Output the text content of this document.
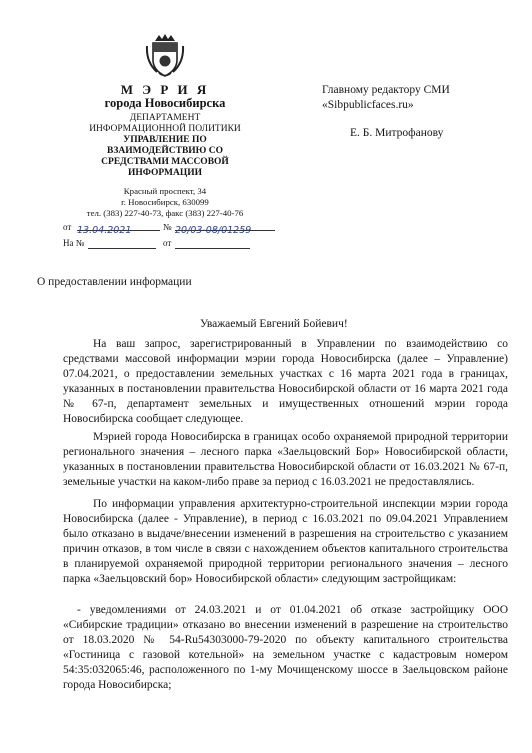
М Э Р И Я
города Новосибирска
ДЕПАРТАМЕНТ
ИНФОРМАЦИОННОЙ ПОЛИТИКИ
УПРАВЛЕНИЕ ПО
ВЗАИМОДЕЙСТВИЮ СО
СРЕДСТВАМИ МАССОВОЙ
ИНФОРМАЦИИ
Красный проспект, 34
г. Новосибирск, 630099
тел. (383) 227-40-73, факс (383) 227-40-76
от 13.04.2021	№ 20/03-08/01259
На №	от
Главному редактору СМИ
«Sibpublicfaces.ru»
Е. Б. Митрофанову
О предоставлении информации
Уважаемый Евгений Бойевич!
На ваш запрос, зарегистрированный в Управлении по взаимодействию со средствами массовой информации мэрии города Новосибирска (далее – Управление) 07.04.2021, о предоставлении земельных участках с 16 марта 2021 года в границах, указанных в постановлении правительства Новосибирской области от 16 марта 2021 года № 67-п, департамент земельных и имущественных отношений мэрии города Новосибирска сообщает следующее.
Мэрией города Новосибирска в границах особо охраняемой природной территории регионального значения – лесного парка «Заельцовский Бор» Новосибирской области, указанных в постановлении правительства Новосибирской области от 16.03.2021 № 67-п, земельные участки на каком-либо праве за период с 16.03.2021 не предоставлялись.
По информации управления архитектурно-строительной инспекции мэрии города Новосибирска (далее - Управление), в период с 16.03.2021 по 09.04.2021 Управлением было отказано в выдаче/внесении изменений в разрешения на строительство с указанием причин отказов, в том числе в связи с нахождением объектов капитального строительства в планируемой охраняемой природной территории регионального значения – лесного парка «Заельцовский бор» Новосибирской области» следующим застройщикам:
- уведомлениями от 24.03.2021 и от 01.04.2021 об отказе застройщику ООО «Сибирские традиции» отказано во внесении изменений в разрешение на строительство от 18.03.2020 № 54-Ru54303000-79-2020 по объекту капитального строительства «Гостиница с газовой котельной» на земельном участке с кадастровым номером 54:35:032065:46, расположенного по 1-му Мочищенскому шоссе в Заельцовском районе города Новосибирска;
